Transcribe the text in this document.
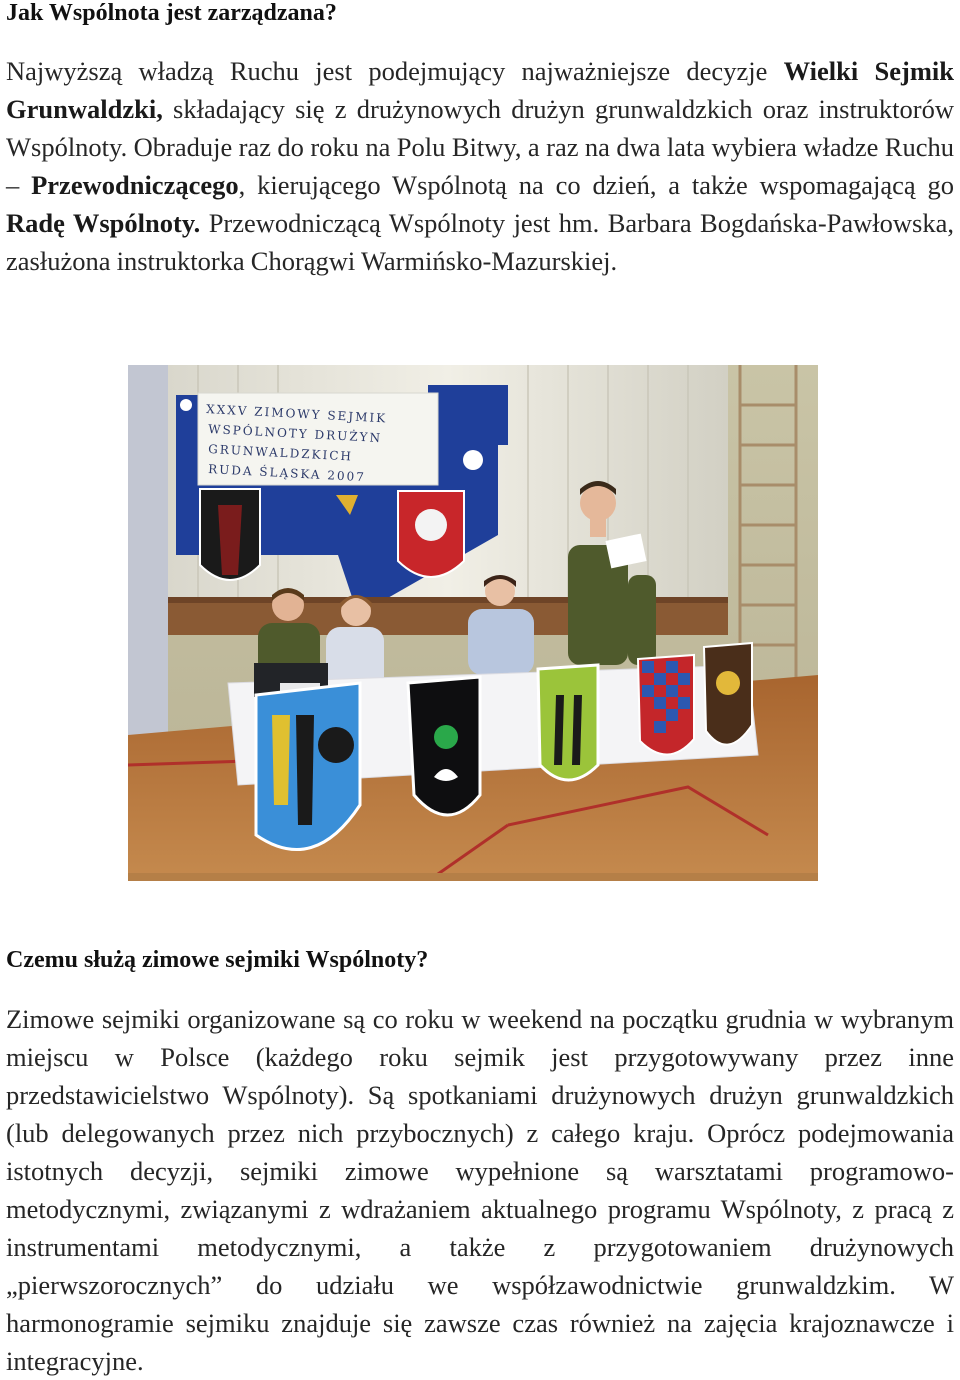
Jak Wspólnota jest zarządzana?

Najwyższą władzą Ruchu jest podejmujący najważniejsze decyzje Wielki Sejmik Grunwaldzki, składający się z drużynowych drużyn grunwaldzkich oraz instruktorów Wspólnoty. Obraduje raz do roku na Polu Bitwy, a raz na dwa lata wybiera władze Ruchu – Przewodniczącego, kierującego Wspólnotą na co dzień, a także wspomagającą go Radę Wspólnoty. Przewodniczącą Wspólnoty jest hm. Barbara Bogdańska-Pawłowska, zasłużona instruktorka Chorągwi Warmińsko-Mazurskiej.

Czemu służą zimowe sejmiki Wspólnoty?

Zimowe sejmiki organizowane są co roku w weekend na początku grudnia w wybranym miejscu w Polsce (każdego roku sejmik jest przygotowywany przez inne przedstawicielstwo Wspólnoty). Są spotkaniami drużynowych drużyn grunwaldzkich (lub delegowanych przez nich przybocznych) z całego kraju. Oprócz podejmowania istotnych decyzji, sejmiki zimowe wypełnione są warsztatami programowo-metodycznymi, związanymi z wdrażaniem aktualnego programu Wspólnoty, z pracą z instrumentami metodycznymi, a także z przygotowaniem drużynowych „pierwszorocznych” do udziału we współzawodnictwie grunwaldzkim. W harmonogramie sejmiku znajduje się zawsze czas również na zajęcia krajoznawcze i integracyjne.

XXXV ZIMOWY SEJMIK
WSPÓLNOTY DRUŻYN
GRUNWALDZKICH
RUDA ŚLĄSKA 2007
